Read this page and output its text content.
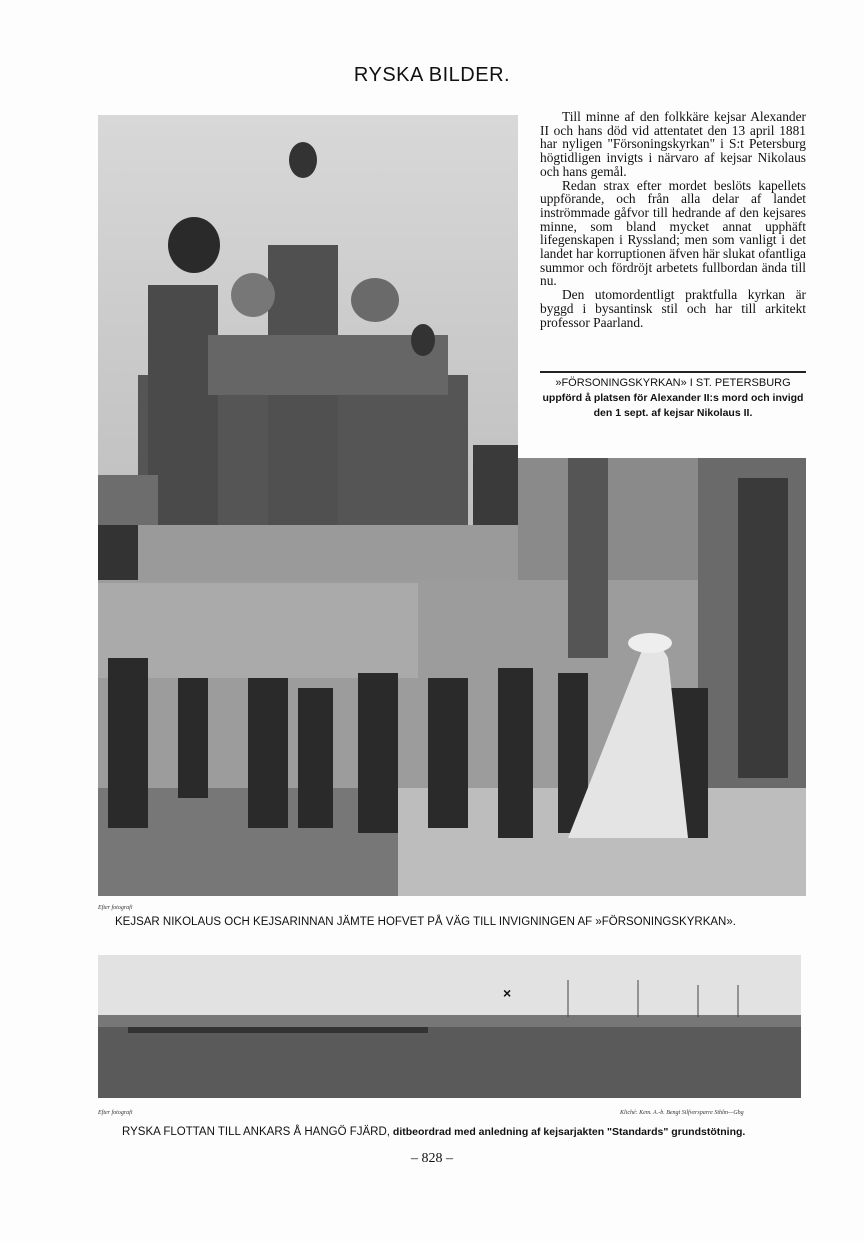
RYSKA BILDER.

Till minne af den folkkäre kejsar Alexander II och hans död vid attentatet den 13 april 1881 har nyligen "Försoningskyrkan" i S:t Petersburg högtidligen invigts i närvaro af kejsar Nikolaus och hans gemål.

Redan strax efter mordet beslöts kapellets uppförande, och från alla delar af landet inströmmade gåfvor till hedrande af den kejsares minne, som bland mycket annat upphäft lifegenskapen i Ryssland; men som vanligt i det landet har korruptionen äfven här slukat ofantliga summor och fördröjt arbetets fullbordan ända till nu.

Den utomordentligt praktfulla kyrkan är byggd i bysantinsk stil och har till arkitekt professor Paarland.

»FÖRSONINGSKYRKAN» I ST. PETERSBURG
uppförd å platsen för Alexander II:s mord och invigd den 1 sept. af kejsar Nikolaus II.
Efter fotografi
KEJSAR NIKOLAUS OCH KEJSARINNAN JÄMTE HOFVET PÅ VÄG TILL INVIGNINGEN AF »FÖRSONINGSKYRKAN».
×
Efter fotografi	Kliché: Kem. A.-b. Bengt Silfversparre Sthlm—Gbg
RYSKA FLOTTAN TILL ANKARS Å HANGÖ FJÄRD, ditbeordrad med anledning af kejsarjakten "Standards" grundstötning.
– 828 –
